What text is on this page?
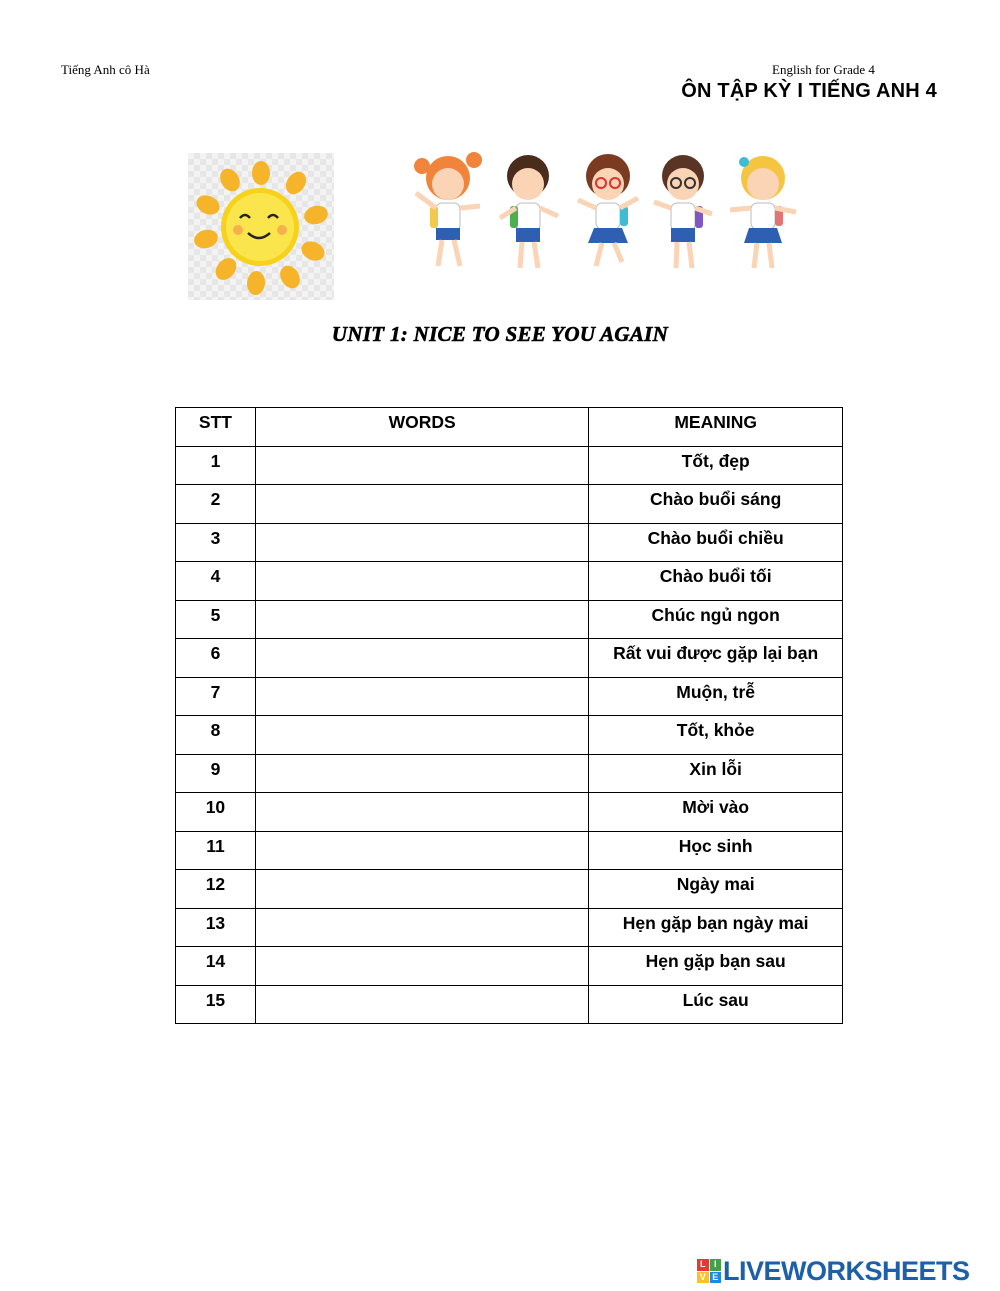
Tiếng Anh cô Hà	English for Grade 4
ÔN TẬP KỲ I TIẾNG ANH 4
UNIT 1: NICE TO SEE YOU AGAIN
STT	WORDS	MEANING
1		Tốt, đẹp
2		Chào buổi sáng
3		Chào buổi chiều
4		Chào buổi tối
5		Chúc ngủ ngon
6		Rất vui được gặp lại bạn
7		Muộn, trễ
8		Tốt, khỏe
9		Xin lỗi
10		Mời vào
11		Học sinh
12		Ngày mai
13		Hẹn gặp bạn ngày mai
14		Hẹn gặp bạn sau
15		Lúc sau
L I
V E LIVEWORKSHEETS
